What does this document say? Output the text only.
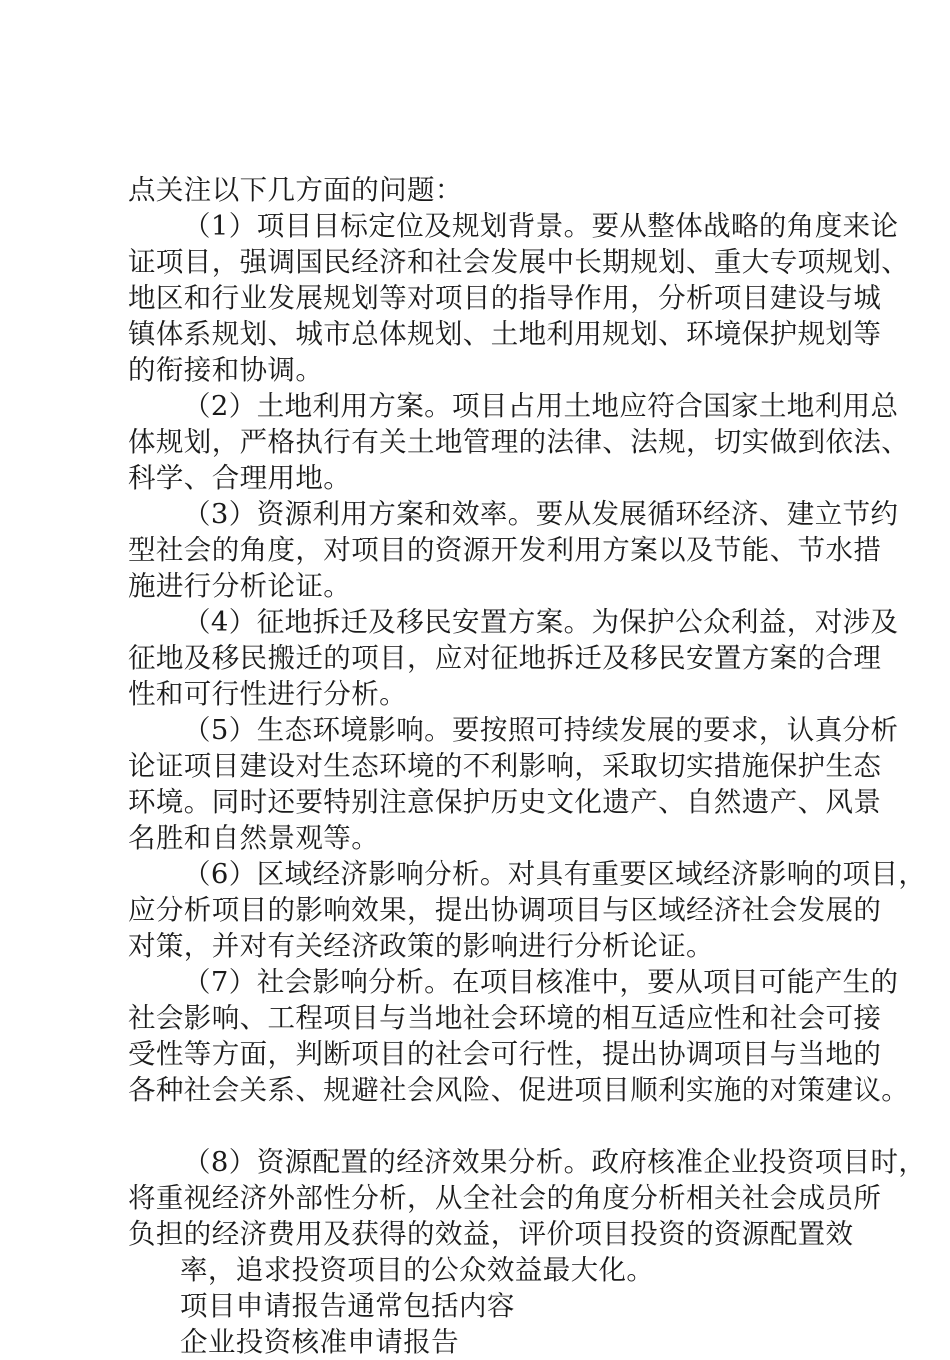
点关注以下几方面的问题：
（1）项目目标定位及规划背景。要从整体战略的角度来论
证项目，强调国民经济和社会发展中长期规划、重大专项规划、
地区和行业发展规划等对项目的指导作用，分析项目建设与城
镇体系规划、城市总体规划、土地利用规划、环境保护规划等
的衔接和协调。
（2）土地利用方案。项目占用土地应符合国家土地利用总
体规划，严格执行有关土地管理的法律、法规，切实做到依法、
科学、合理用地。
（3）资源利用方案和效率。要从发展循环经济、建立节约
型社会的角度，对项目的资源开发利用方案以及节能、节水措
施进行分析论证。
（4）征地拆迁及移民安置方案。为保护公众利益，对涉及
征地及移民搬迁的项目，应对征地拆迁及移民安置方案的合理
性和可行性进行分析。
（5）生态环境影响。要按照可持续发展的要求，认真分析
论证项目建设对生态环境的不利影响，采取切实措施保护生态
环境。同时还要特别注意保护历史文化遗产、自然遗产、风景
名胜和自然景观等。
（6）区域经济影响分析。对具有重要区域经济影响的项目，
应分析项目的影响效果，提出协调项目与区域经济社会发展的
对策，并对有关经济政策的影响进行分析论证。
（7）社会影响分析。在项目核准中，要从项目可能产生的
社会影响、工程项目与当地社会环境的相互适应性和社会可接
受性等方面，判断项目的社会可行性，提出协调项目与当地的
各种社会关系、规避社会风险、促进项目顺利实施的对策建议。
（8）资源配置的经济效果分析。政府核准企业投资项目时，
将重视经济外部性分析，从全社会的角度分析相关社会成员所
负担的经济费用及获得的效益，评价项目投资的资源配置效
率，追求投资项目的公众效益最大化。
项目申请报告通常包括内容
企业投资核准申请报告
